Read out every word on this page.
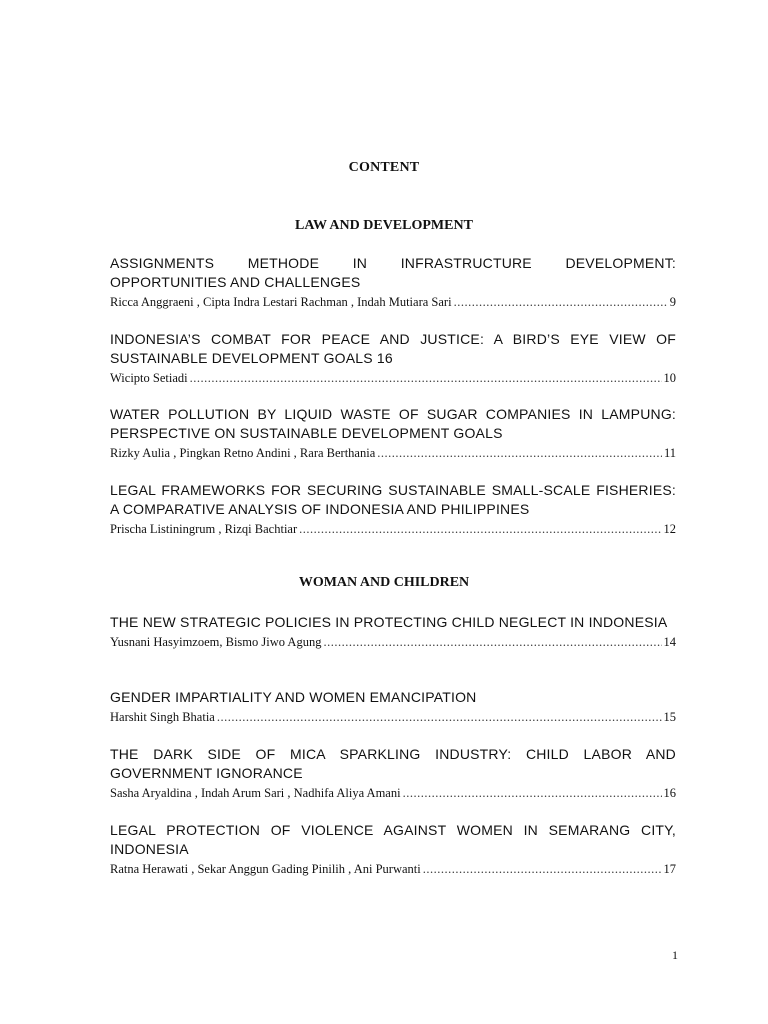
CONTENT
LAW AND DEVELOPMENT
ASSIGNMENTS METHODE IN INFRASTRUCTURE DEVELOPMENT: OPPORTUNITIES AND CHALLENGES
Ricca Anggraeni , Cipta Indra Lestari Rachman , Indah Mutiara Sari .....	9
INDONESIA’S COMBAT FOR PEACE AND JUSTICE: A BIRD’S EYE VIEW OF SUSTAINABLE DEVELOPMENT GOALS 16
Wicipto Setiadi .....	10
WATER POLLUTION BY LIQUID WASTE OF SUGAR COMPANIES IN LAMPUNG: PERSPECTIVE ON SUSTAINABLE DEVELOPMENT GOALS
Rizky Aulia , Pingkan Retno Andini , Rara Berthania .....	11
LEGAL FRAMEWORKS FOR SECURING SUSTAINABLE SMALL-SCALE FISHERIES: A COMPARATIVE ANALYSIS OF INDONESIA AND PHILIPPINES
Prischa Listiningrum , Rizqi Bachtiar .....	12
WOMAN AND CHILDREN
THE NEW STRATEGIC POLICIES IN PROTECTING CHILD NEGLECT IN INDONESIA
Yusnani Hasyimzoem, Bismo Jiwo Agung .....	14
GENDER IMPARTIALITY AND WOMEN EMANCIPATION
Harshit Singh Bhatia .....	15
THE DARK SIDE OF MICA SPARKLING INDUSTRY: CHILD LABOR AND GOVERNMENT IGNORANCE
Sasha Aryaldina , Indah Arum Sari , Nadhifa Aliya Amani .....	16
LEGAL PROTECTION OF VIOLENCE AGAINST WOMEN IN SEMARANG CITY, INDONESIA
Ratna Herawati , Sekar Anggun Gading Pinilih , Ani Purwanti .....	17
1
